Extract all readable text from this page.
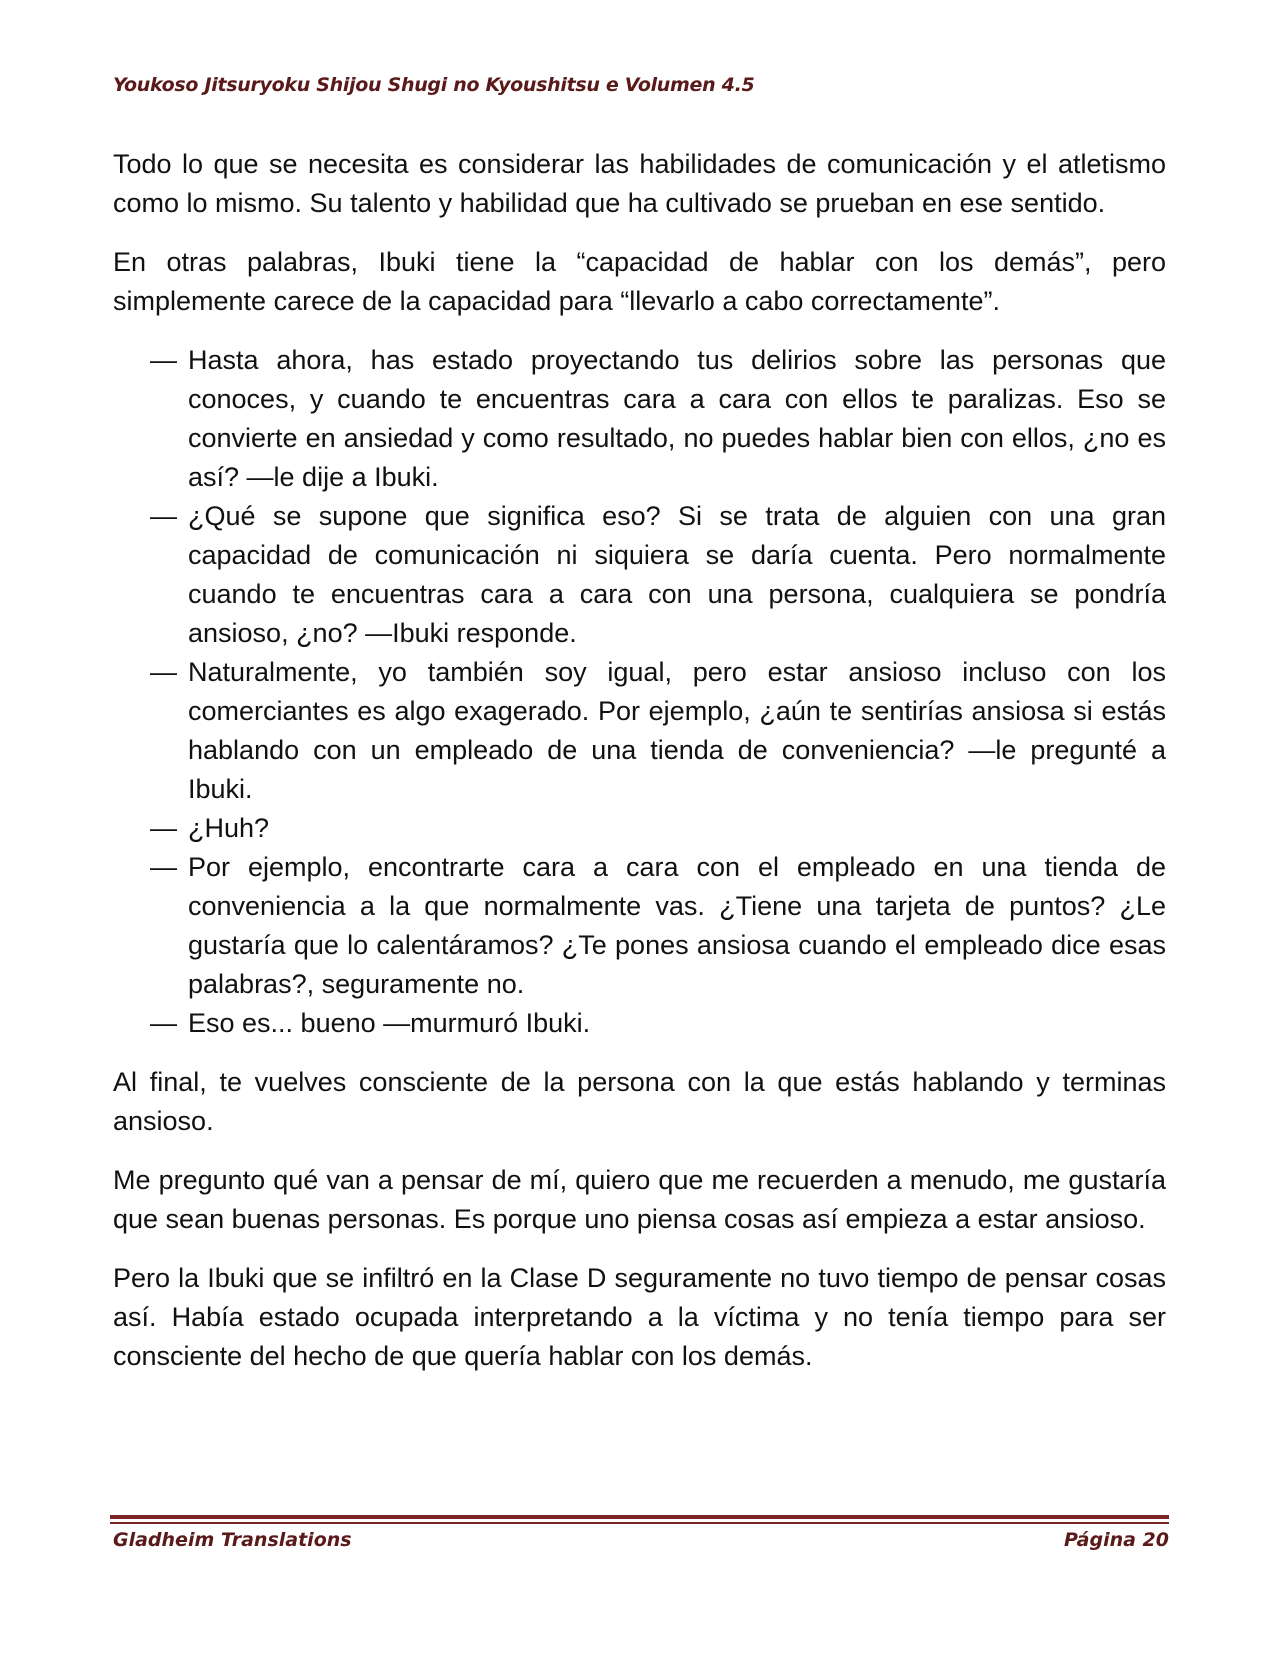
Youkoso Jitsuryoku Shijou Shugi no Kyoushitsu e Volumen 4.5

Todo lo que se necesita es considerar las habilidades de comunicación y el atletismo como lo mismo. Su talento y habilidad que ha cultivado se prueban en ese sentido.

En otras palabras, Ibuki tiene la “capacidad de hablar con los demás”, pero simplemente carece de la capacidad para “llevarlo a cabo correctamente”.

— Hasta ahora, has estado proyectando tus delirios sobre las personas que conoces, y cuando te encuentras cara a cara con ellos te paralizas. Eso se convierte en ansiedad y como resultado, no puedes hablar bien con ellos, ¿no es así? —le dije a Ibuki.
— ¿Qué se supone que significa eso? Si se trata de alguien con una gran capacidad de comunicación ni siquiera se daría cuenta. Pero normalmente cuando te encuentras cara a cara con una persona, cualquiera se pondría ansioso, ¿no? —Ibuki responde.
— Naturalmente, yo también soy igual, pero estar ansioso incluso con los comerciantes es algo exagerado. Por ejemplo, ¿aún te sentirías ansiosa si estás hablando con un empleado de una tienda de conveniencia? —le pregunté a Ibuki.
— ¿Huh?
— Por ejemplo, encontrarte cara a cara con el empleado en una tienda de conveniencia a la que normalmente vas. ¿Tiene una tarjeta de puntos? ¿Le gustaría que lo calentáramos? ¿Te pones ansiosa cuando el empleado dice esas palabras?, seguramente no.
— Eso es... bueno —murmuró Ibuki.

Al final, te vuelves consciente de la persona con la que estás hablando y terminas ansioso.

Me pregunto qué van a pensar de mí, quiero que me recuerden a menudo, me gustaría que sean buenas personas. Es porque uno piensa cosas así empieza a estar ansioso.

Pero la Ibuki que se infiltró en la Clase D seguramente no tuvo tiempo de pensar cosas así. Había estado ocupada interpretando a la víctima y no tenía tiempo para ser consciente del hecho de que quería hablar con los demás.

Gladheim Translations	Página 20
